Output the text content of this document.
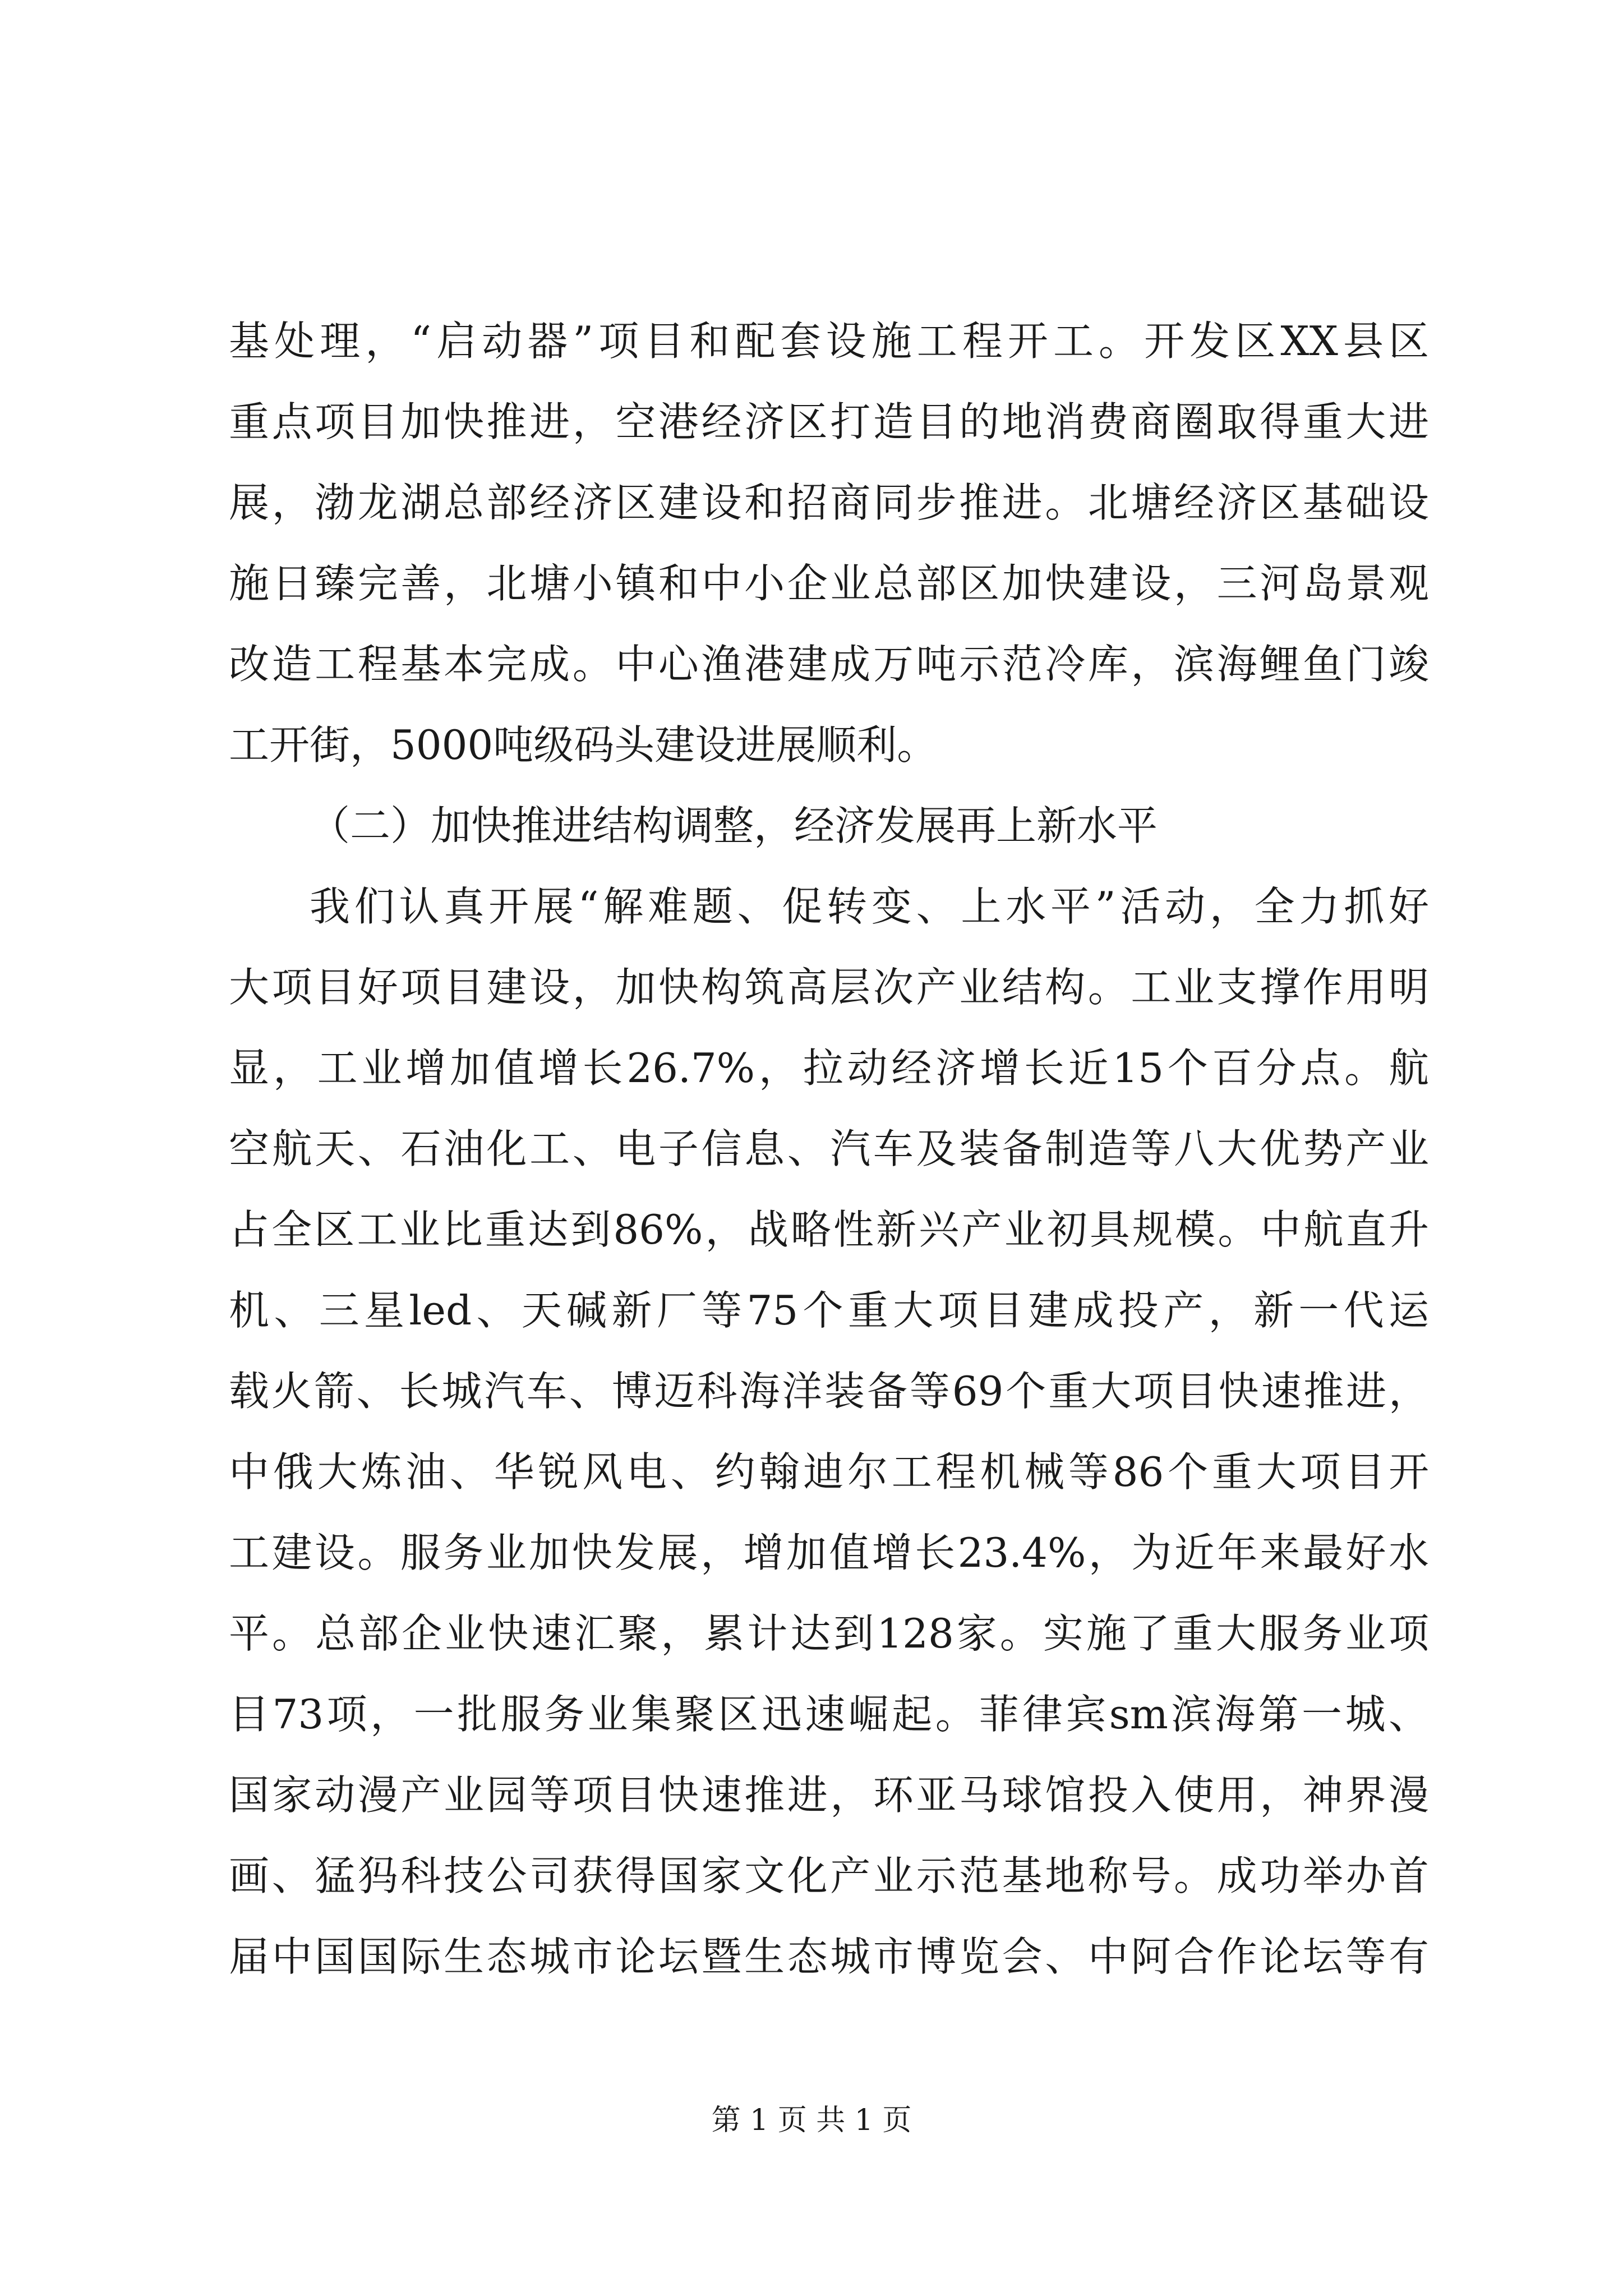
基处理，“启动器”项目和配套设施工程开工。开发区XX县区
重点项目加快推进，空港经济区打造目的地消费商圈取得重大进
展，渤龙湖总部经济区建设和招商同步推进。北塘经济区基础设
施日臻完善，北塘小镇和中小企业总部区加快建设，三河岛景观
改造工程基本完成。中心渔港建成万吨示范冷库，滨海鲤鱼门竣
工开街，5000吨级码头建设进展顺利。
（二）加快推进结构调整，经济发展再上新水平
我们认真开展“解难题、促转变、上水平”活动，全力抓好
大项目好项目建设，加快构筑高层次产业结构。工业支撑作用明
显，工业增加值增长26.7%，拉动经济增长近15个百分点。航
空航天、石油化工、电子信息、汽车及装备制造等八大优势产业
占全区工业比重达到86%，战略性新兴产业初具规模。中航直升
机、三星led、天碱新厂等75个重大项目建成投产，新一代运
载火箭、长城汽车、博迈科海洋装备等69个重大项目快速推进，
中俄大炼油、华锐风电、约翰迪尔工程机械等86个重大项目开
工建设。服务业加快发展，增加值增长23.4%，为近年来最好水
平。总部企业快速汇聚，累计达到128家。实施了重大服务业项
目73项，一批服务业集聚区迅速崛起。菲律宾sm滨海第一城、
国家动漫产业园等项目快速推进，环亚马球馆投入使用，神界漫
画、猛犸科技公司获得国家文化产业示范基地称号。成功举办首
届中国国际生态城市论坛暨生态城市博览会、中阿合作论坛等有
第 1 页 共 1 页
